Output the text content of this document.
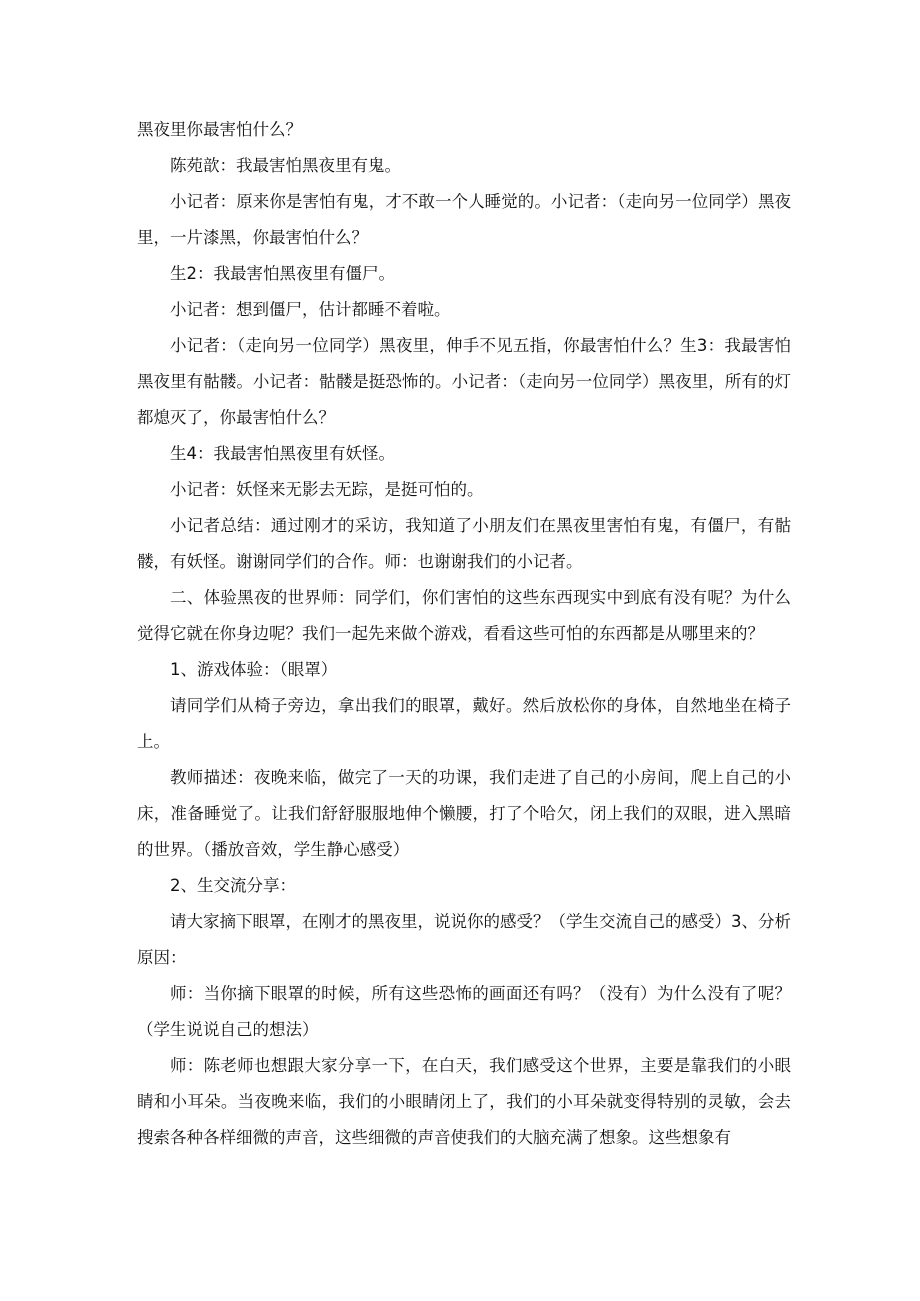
黑夜里你最害怕什么？

陈苑歆：我最害怕黑夜里有鬼。

小记者：原来你是害怕有鬼，才不敢一个人睡觉的。小记者：（走向另一位同学）黑夜里，一片漆黑，你最害怕什么？

生2：我最害怕黑夜里有僵尸。

小记者：想到僵尸，估计都睡不着啦。

小记者：（走向另一位同学）黑夜里，伸手不见五指，你最害怕什么？生3：我最害怕黑夜里有骷髅。小记者：骷髅是挺恐怖的。小记者：（走向另一位同学）黑夜里，所有的灯都熄灭了，你最害怕什么？

生4：我最害怕黑夜里有妖怪。

小记者：妖怪来无影去无踪，是挺可怕的。

小记者总结：通过刚才的采访，我知道了小朋友们在黑夜里害怕有鬼，有僵尸，有骷髅，有妖怪。谢谢同学们的合作。师：也谢谢我们的小记者。

二、体验黑夜的世界师：同学们，你们害怕的这些东西现实中到底有没有呢？为什么觉得它就在你身边呢？我们一起先来做个游戏，看看这些可怕的东西都是从哪里来的？

1、游戏体验：（眼罩）

请同学们从椅子旁边，拿出我们的眼罩，戴好。然后放松你的身体，自然地坐在椅子上。

教师描述：夜晚来临，做完了一天的功课，我们走进了自己的小房间，爬上自己的小床，准备睡觉了。让我们舒舒服服地伸个懒腰，打了个哈欠，闭上我们的双眼，进入黑暗的世界。（播放音效，学生静心感受）

2、生交流分享：

请大家摘下眼罩，在刚才的黑夜里，说说你的感受？（学生交流自己的感受）3、分析原因：

师：当你摘下眼罩的时候，所有这些恐怖的画面还有吗？（没有）为什么没有了呢？（学生说说自己的想法）

师：陈老师也想跟大家分享一下，在白天，我们感受这个世界，主要是靠我们的小眼睛和小耳朵。当夜晚来临，我们的小眼睛闭上了，我们的小耳朵就变得特别的灵敏，会去搜索各种各样细微的声音，这些细微的声音使我们的大脑充满了想象。这些想象有
